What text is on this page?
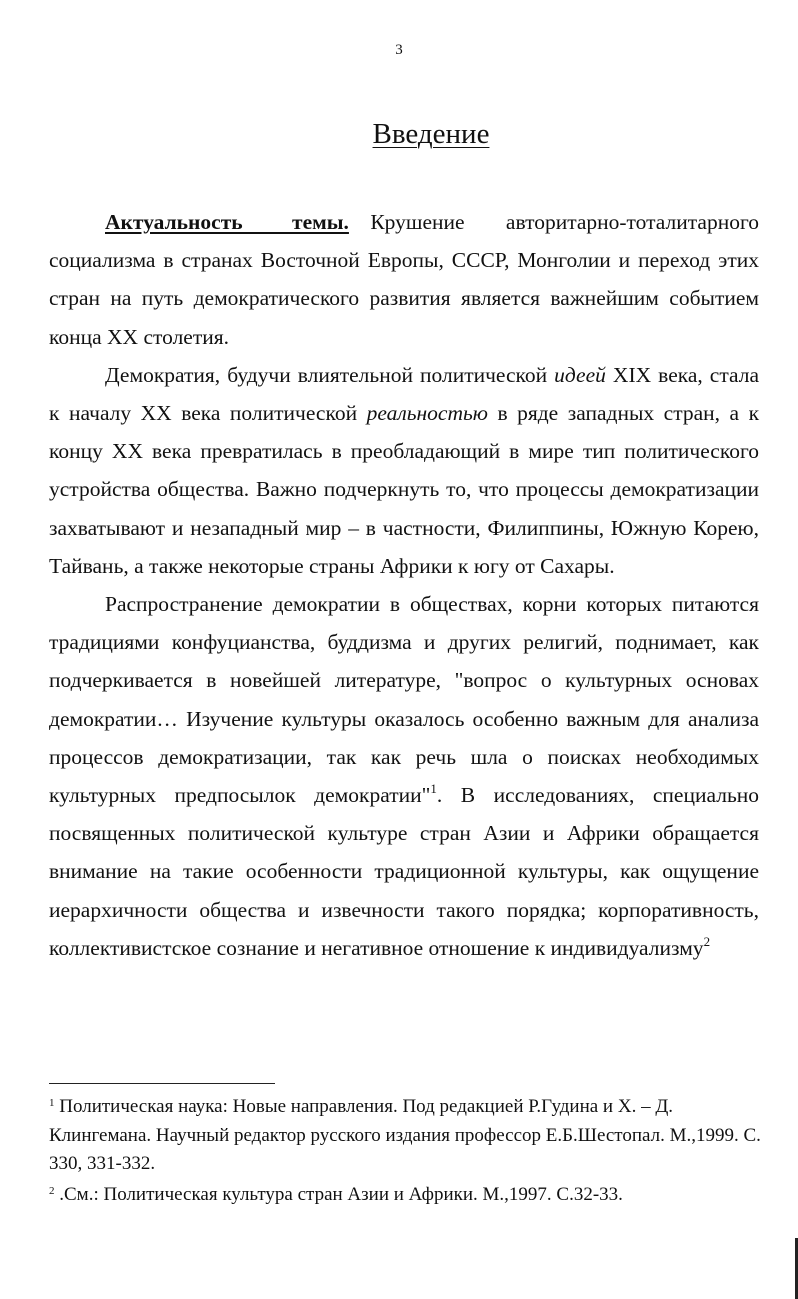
3
Введение

Актуальность темы. Крушение авторитарно-тоталитарного социализма в странах Восточной Европы, СССР, Монголии и переход этих стран на путь демократического развития является важнейшим событием конца XX столетия.

Демократия, будучи влиятельной политической идеей XIX века, стала к началу XX века политической реальностью в ряде западных стран, а к концу XX века превратилась в преобладающий в мире тип политического устройства общества. Важно подчеркнуть то, что процессы демократизации захватывают и незападный мир – в частности, Филиппины, Южную Корею, Тайвань, а также некоторые страны Африки к югу от Сахары.

Распространение демократии в обществах, корни которых питаются традициями конфуцианства, буддизма и других религий, поднимает, как подчеркивается в новейшей литературе, "вопрос о культурных основах демократии… Изучение культуры оказалось особенно важным для анализа процессов демократизации, так как речь шла о поисках необходимых культурных предпосылок демократии"$^1$. В исследованиях, специально посвященных политической культуре стран Азии и Африки обращается внимание на такие особенности традиционной культуры, как ощущение иерархичности общества и извечности такого порядка; корпоративность, коллективистское сознание и негативное отношение к индивидуализму$^2$

$^1$ Политическая наука: Новые направления. Под редакцией Р.Гудина и Х. – Д. Клингемана. Научный редактор русского издания профессор Е.Б.Шестопал. М.,1999. С. 330, 331-332.

$^2$ .См.: Политическая культура стран Азии и Африки. М.,1997. С.32-33.
